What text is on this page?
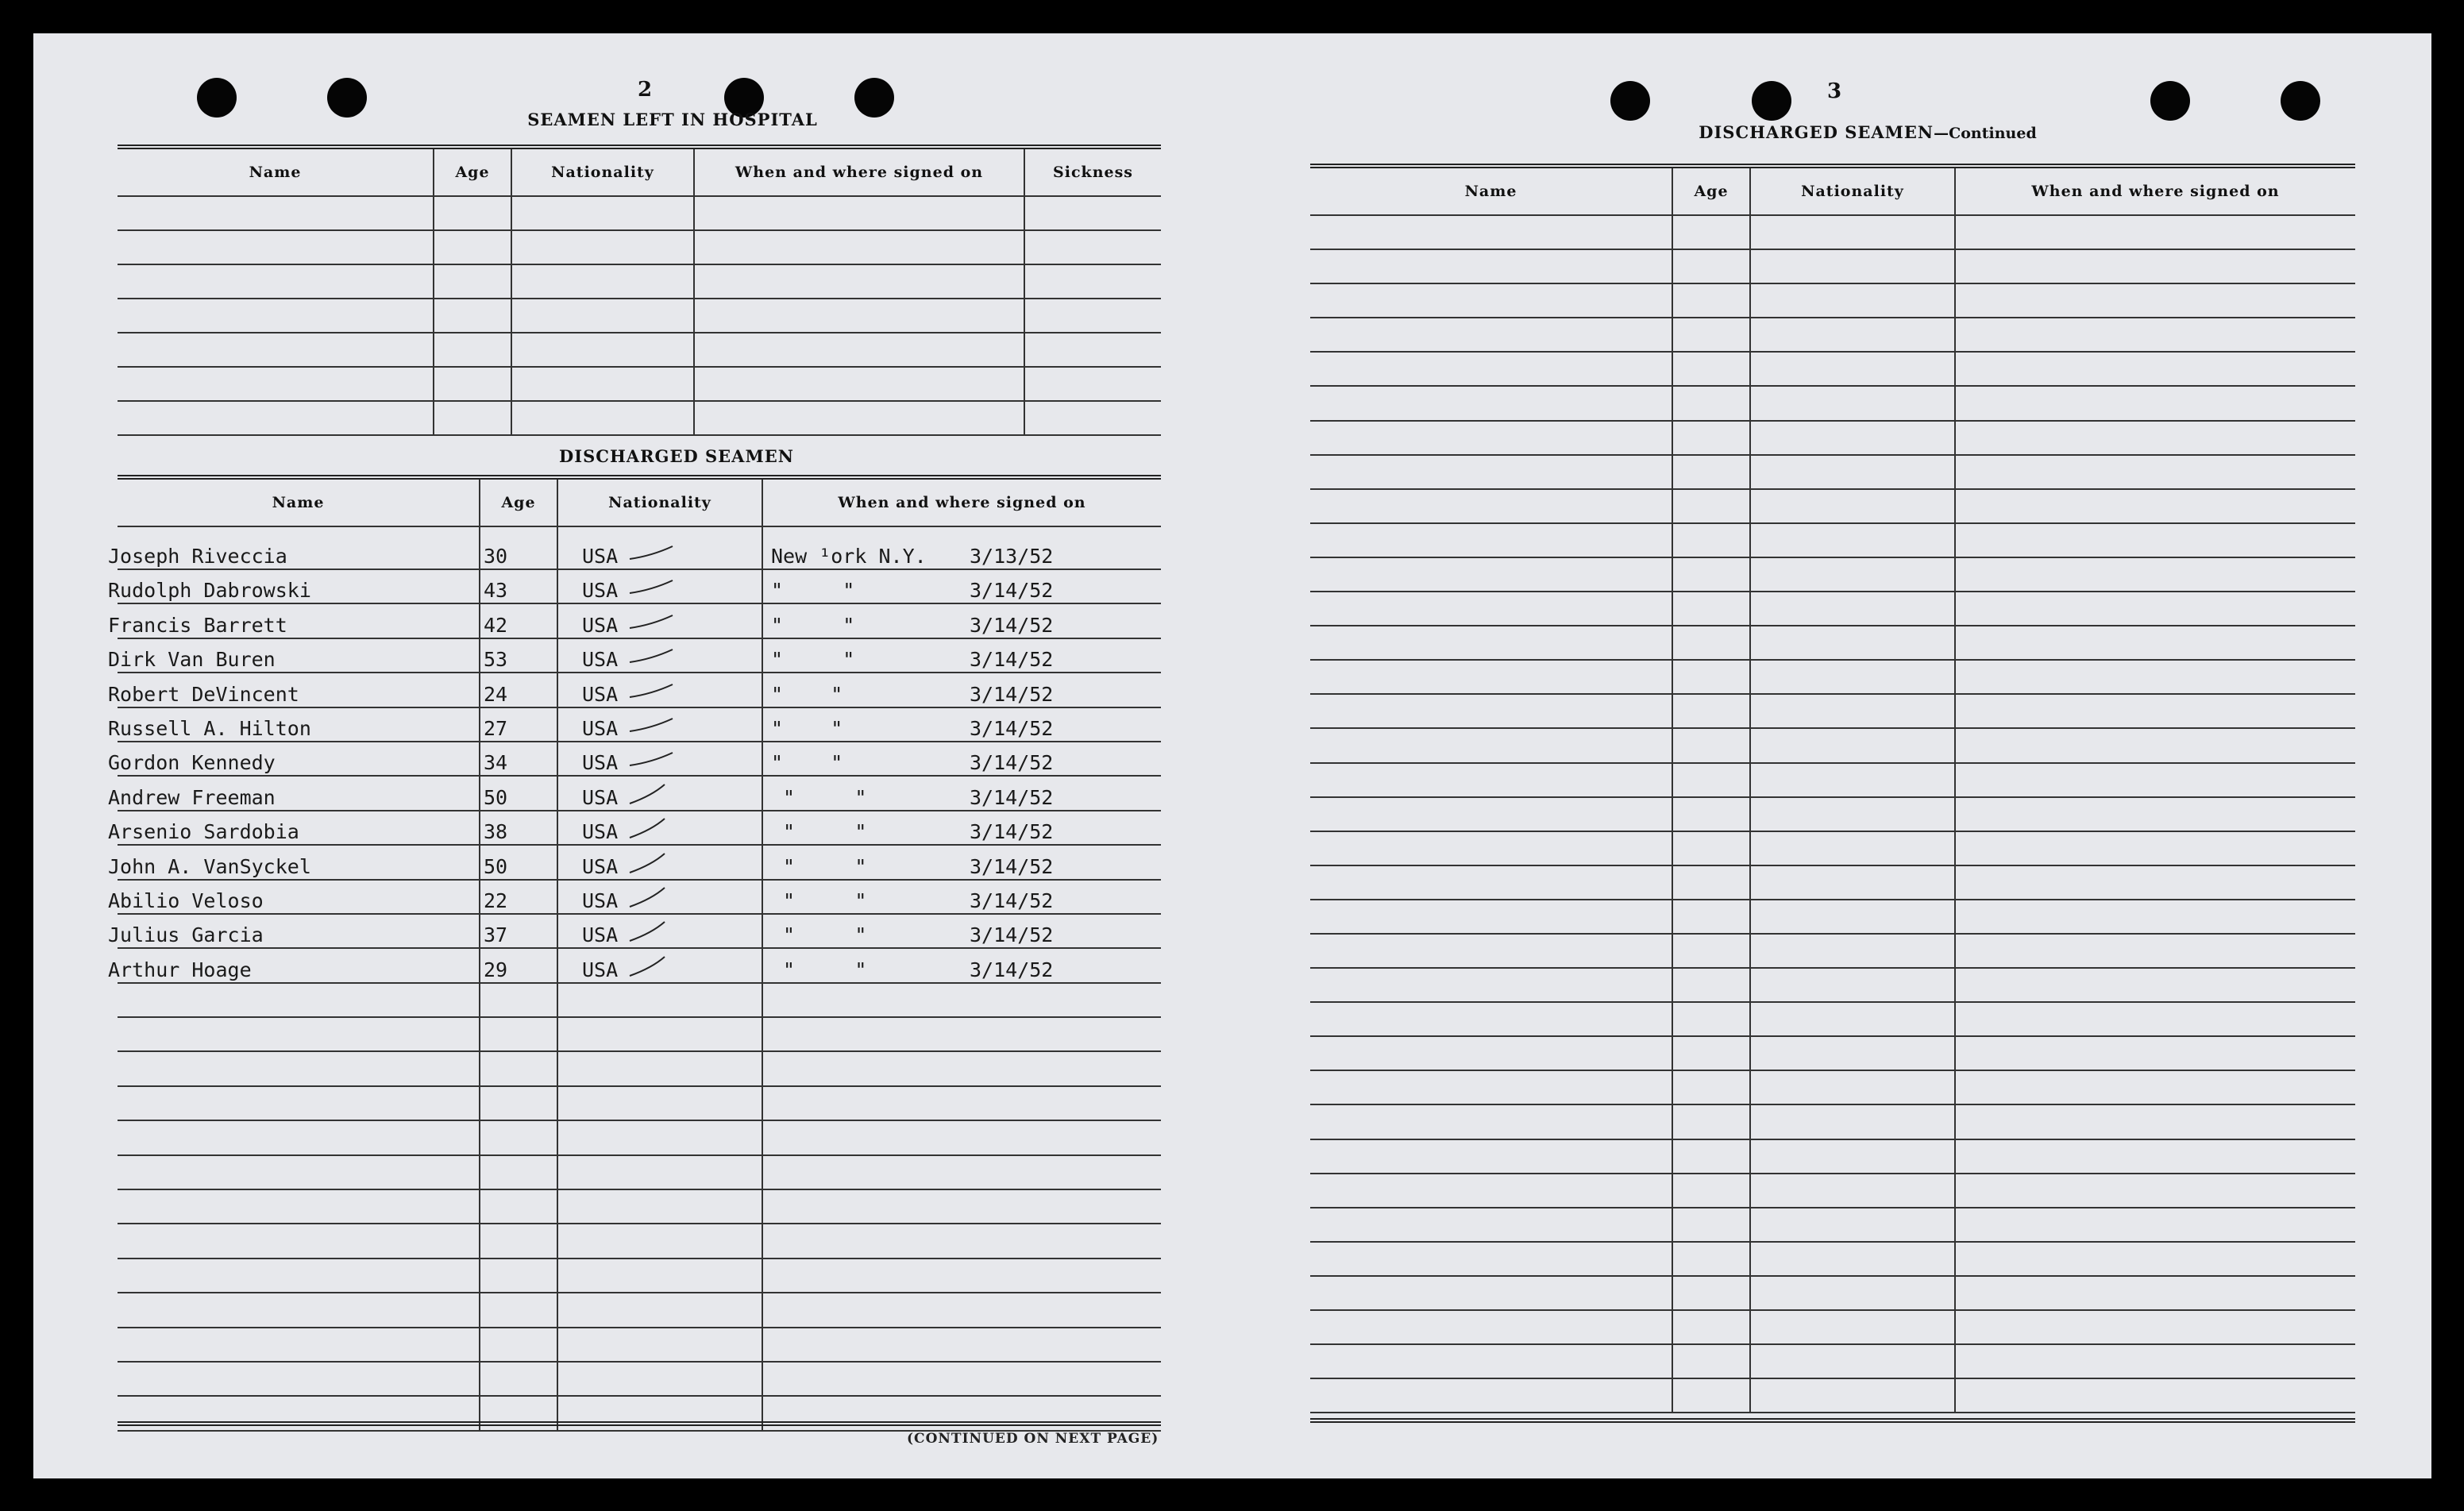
2
SEAMEN LEFT IN HOSPITAL
Name	Age	Nationality	When and where signed on	Sickness

DISCHARGED SEAMEN
Name	Age	Nationality	When and where signed on
Joseph Riveccia	30	USA	New ¹ork N.Y. 3/13/52
Rudolph Dabrowski	43	USA	"     "	3/14/52
Francis Barrett	42	USA	"     "	3/14/52
Dirk Van Buren	53	USA	"     "	3/14/52
Robert DeVincent	24	USA	"    "	3/14/52
Russell A. Hilton	27	USA	"    "	3/14/52
Gordon Kennedy	34	USA	"    "	3/14/52
Andrew Freeman	50	USA	"     "	3/14/52
Arsenio Sardobia	38	USA	"     "	3/14/52
John A. VanSyckel	50	USA	"     "	3/14/52
Abilio Veloso	22	USA	"     "	3/14/52
Julius Garcia	37	USA	"     "	3/14/52
Arthur Hoage	29	USA	"     "	3/14/52

(CONTINUED ON NEXT PAGE)
3
DISCHARGED SEAMEN—Continued
Name	Age	Nationality	When and where signed on
